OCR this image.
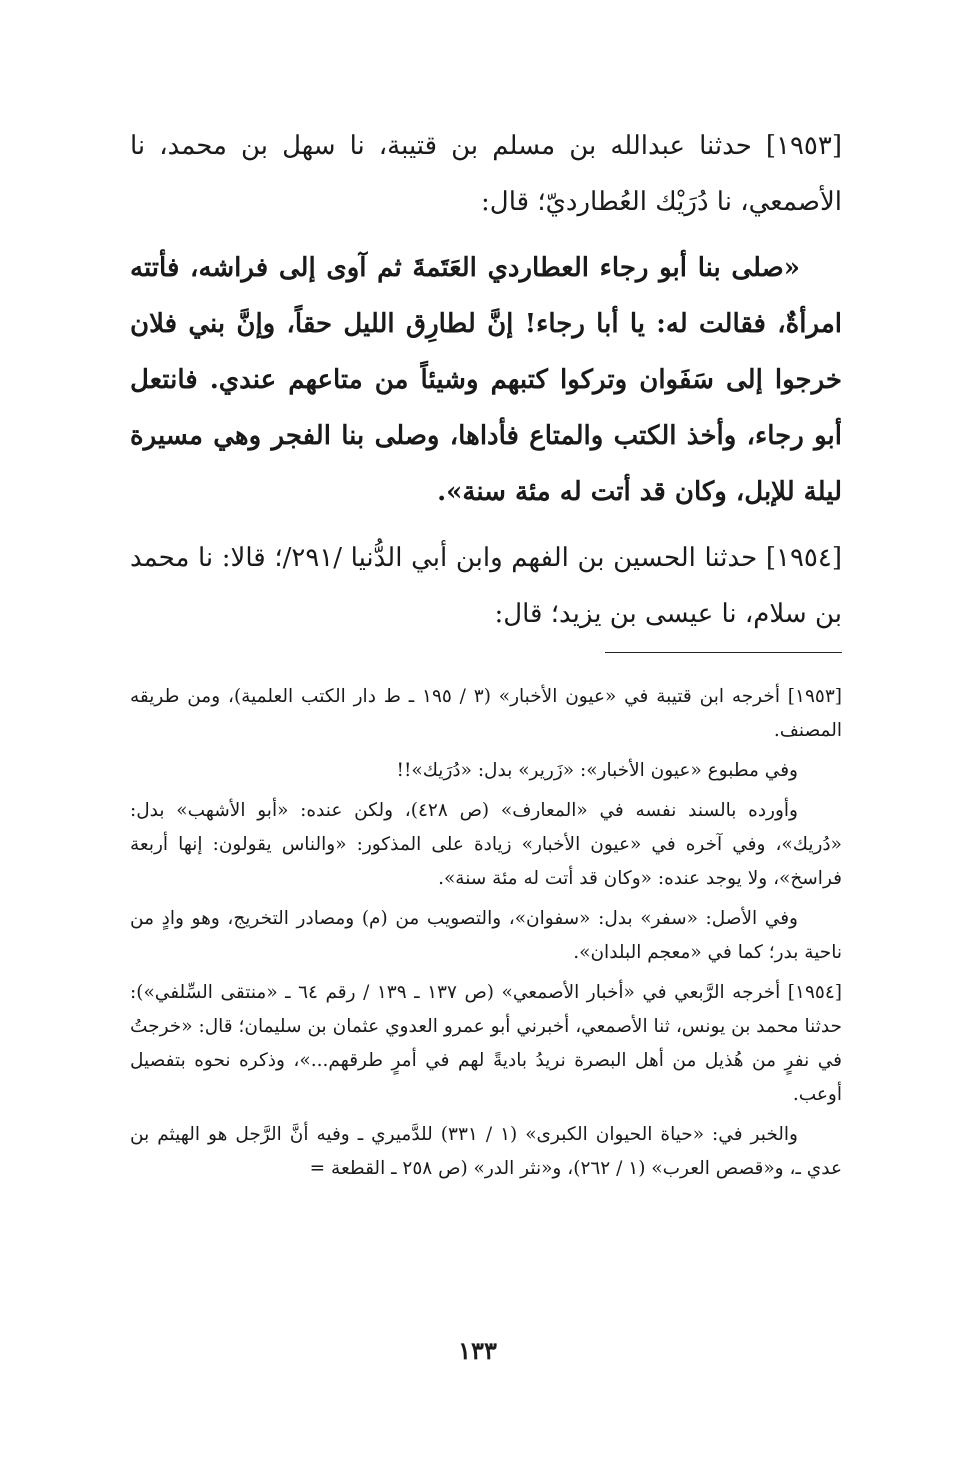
[١٩٥٣] حدثنا عبدالله بن مسلم بن قتيبة، نا سهل بن محمد، نا الأصمعي، نا دُرَيْك العُطارديّ؛ قال:

«صلى بنا أبو رجاء العطاردي العَتَمةَ ثم آوى إلى فراشه، فأتته امرأةٌ، فقالت له: يا أبا رجاء! إنَّ لطارِق الليل حقاً، وإنَّ بني فلان خرجوا إلى سَفَوان وتركوا كتبهم وشيئاً من متاعهم عندي. فانتعل أبو رجاء، وأخذ الكتب والمتاع فأداها، وصلى بنا الفجر وهي مسيرة ليلة للإبل، وكان قد أتت له مئة سنة».

[١٩٥٤] حدثنا الحسين بن الفهم وابن أبي الدُّنيا /٢٩١/؛ قالا: نا محمد بن سلام، نا عيسى بن يزيد؛ قال:

[١٩٥٣] أخرجه ابن قتيبة في «عيون الأخبار» (٣ / ١٩٥ ـ ط دار الكتب العلمية)، ومن طريقه المصنف.

وفي مطبوع «عيون الأخبار»: «زَرير» بدل: «دُرَيك»!!

وأورده بالسند نفسه في «المعارف» (ص ٤٢٨)، ولكن عنده: «أبو الأشهب» بدل: «دُريك»، وفي آخره في «عيون الأخبار» زيادة على المذكور: «والناس يقولون: إنها أربعة فراسخ»، ولا يوجد عنده: «وكان قد أتت له مئة سنة».

وفي الأصل: «سفر» بدل: «سفوان»، والتصويب من (م) ومصادر التخريج، وهو وادٍ من ناحية بدر؛ كما في «معجم البلدان».

[١٩٥٤] أخرجه الرَّبعي في «أخبار الأصمعي» (ص ١٣٧ ـ ١٣٩ / رقم ٦٤ ـ «منتقى السِّلفي»): حدثنا محمد بن يونس، ثنا الأصمعي، أخبرني أبو عمرو العدوي عثمان بن سليمان؛ قال: «خرجتُ في نفرٍ من هُذيل من أهل البصرة نريدُ باديةً لهم في أمرٍ طرقهم...»، وذكره نحوه بتفصيل أوعب.

والخبر في: «حياة الحيوان الكبرى» (١ / ٣٣١) للدَّميري ـ وفيه أنَّ الرَّجل هو الهيثم بن عدي ـ، و«قصص العرب» (١ / ٢٦٢)، و«نثر الدر» (ص ٢٥٨ ـ القطعة =

١٣٣
